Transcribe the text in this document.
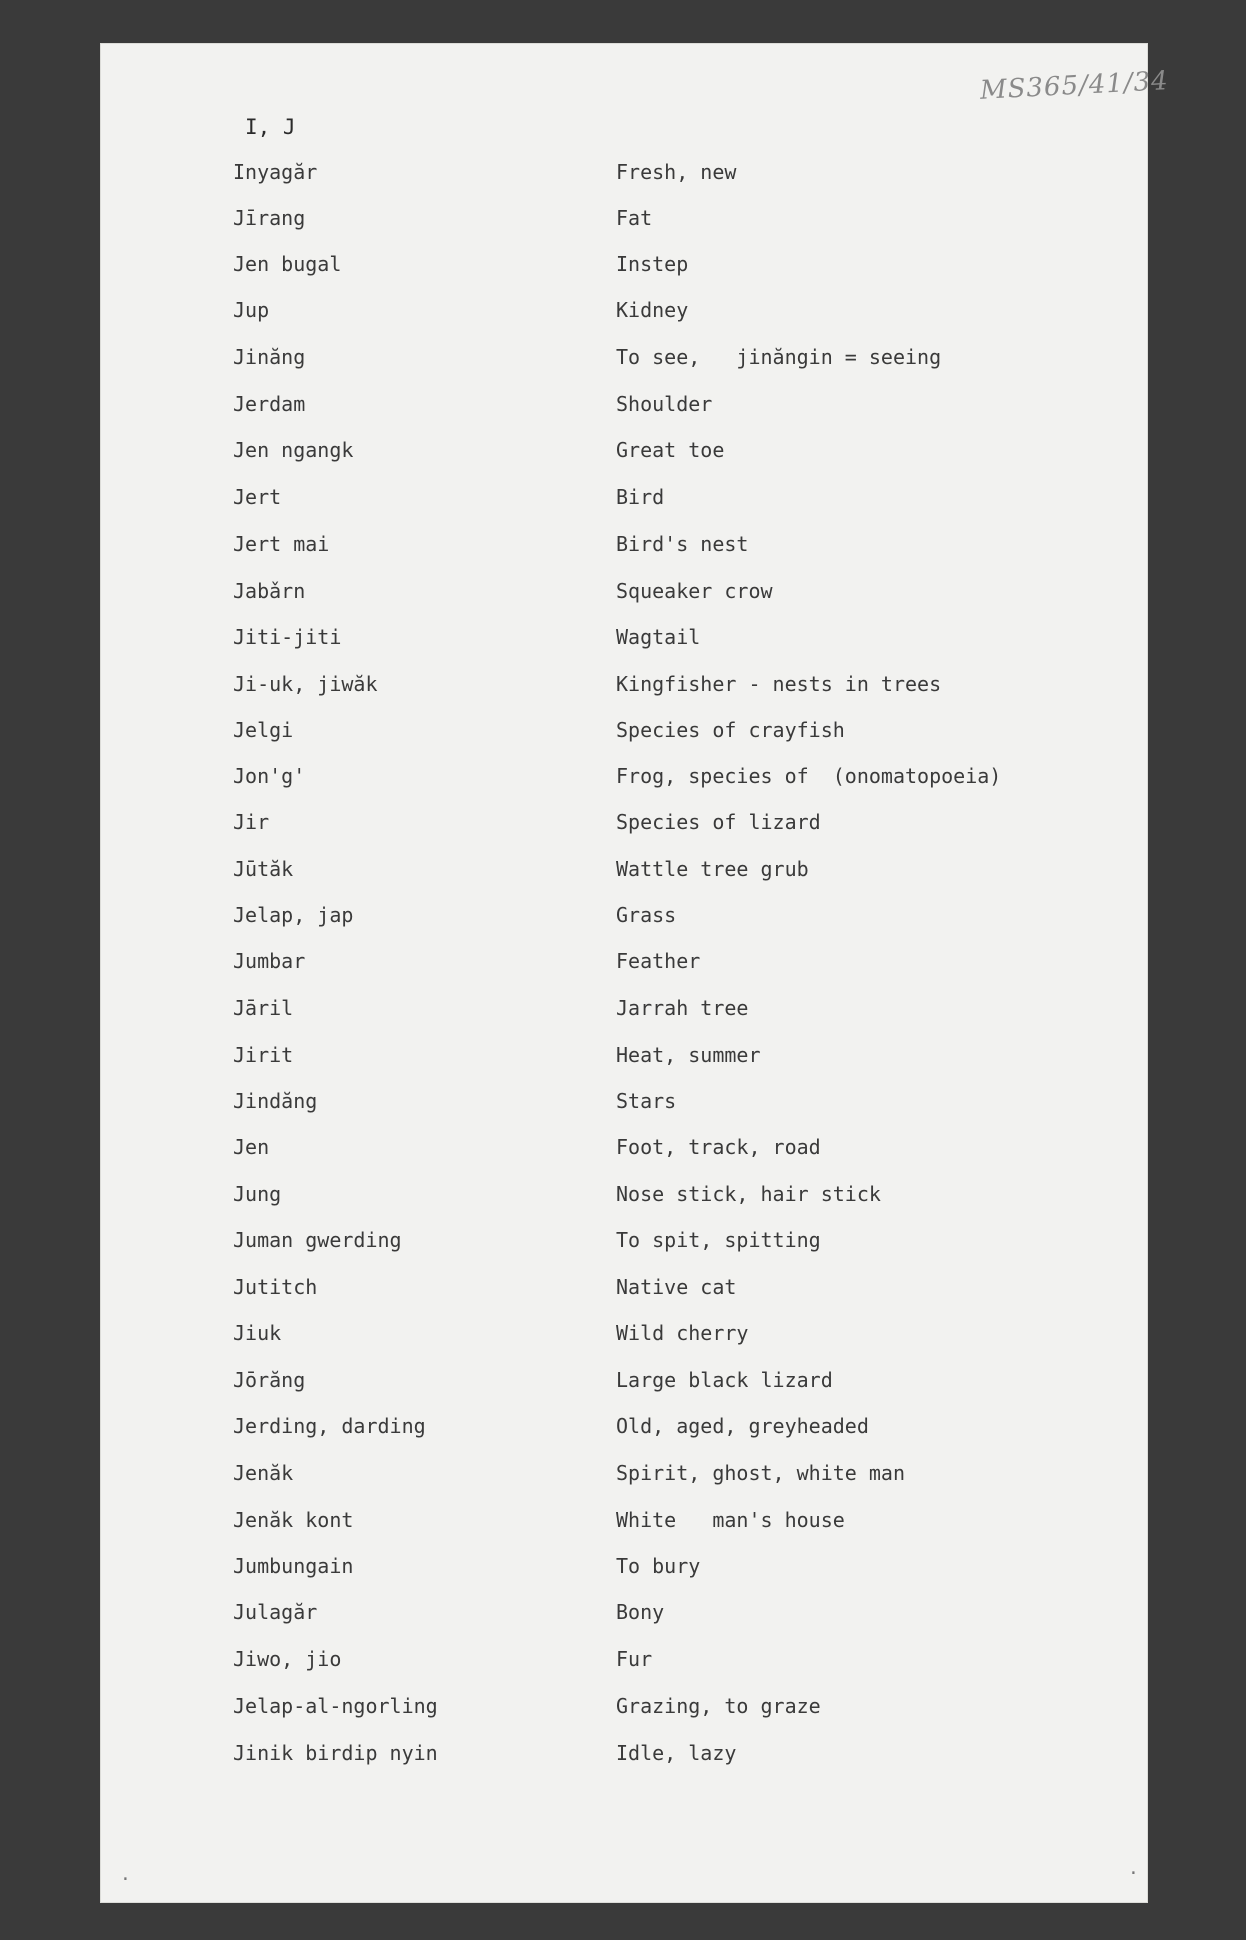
MS365/41/34
I, J
Inyagăr	Fresh, new
Jīrang	Fat
Jen bugal	Instep
Jup	Kidney
Jinăng	To see,   jinăngin = seeing
Jerdam	Shoulder
Jen ngangk	Great toe
Jert	Bird
Jert mai	Bird's nest
Jabǎrn	Squeaker crow
Jiti-jiti	Wagtail
Ji-uk, jiwăk	Kingfisher - nests in trees
Jelgi	Species of crayfish
Jon'g'	Frog, species of  (onomatopoeia)
Jir	Species of lizard
Jūtăk	Wattle tree grub
Jelap, jap	Grass
Jumbar	Feather
Jāril	Jarrah tree
Jirit	Heat, summer
Jindăng	Stars
Jen	Foot, track, road
Jung	Nose stick, hair stick
Juman gwerding	To spit, spitting
Jutitch	Native cat
Jiuk	Wild cherry
Jōrăng	Large black lizard
Jerding, darding	Old, aged, greyheaded
Jenăk	Spirit, ghost, white man
Jenăk kont	White   man's house
Jumbungain	To bury
Julagăr	Bony
Jiwo, jio	Fur
Jelap-al-ngorling	Grazing, to graze
Jinik birdip nyin	Idle, lazy
·	·
